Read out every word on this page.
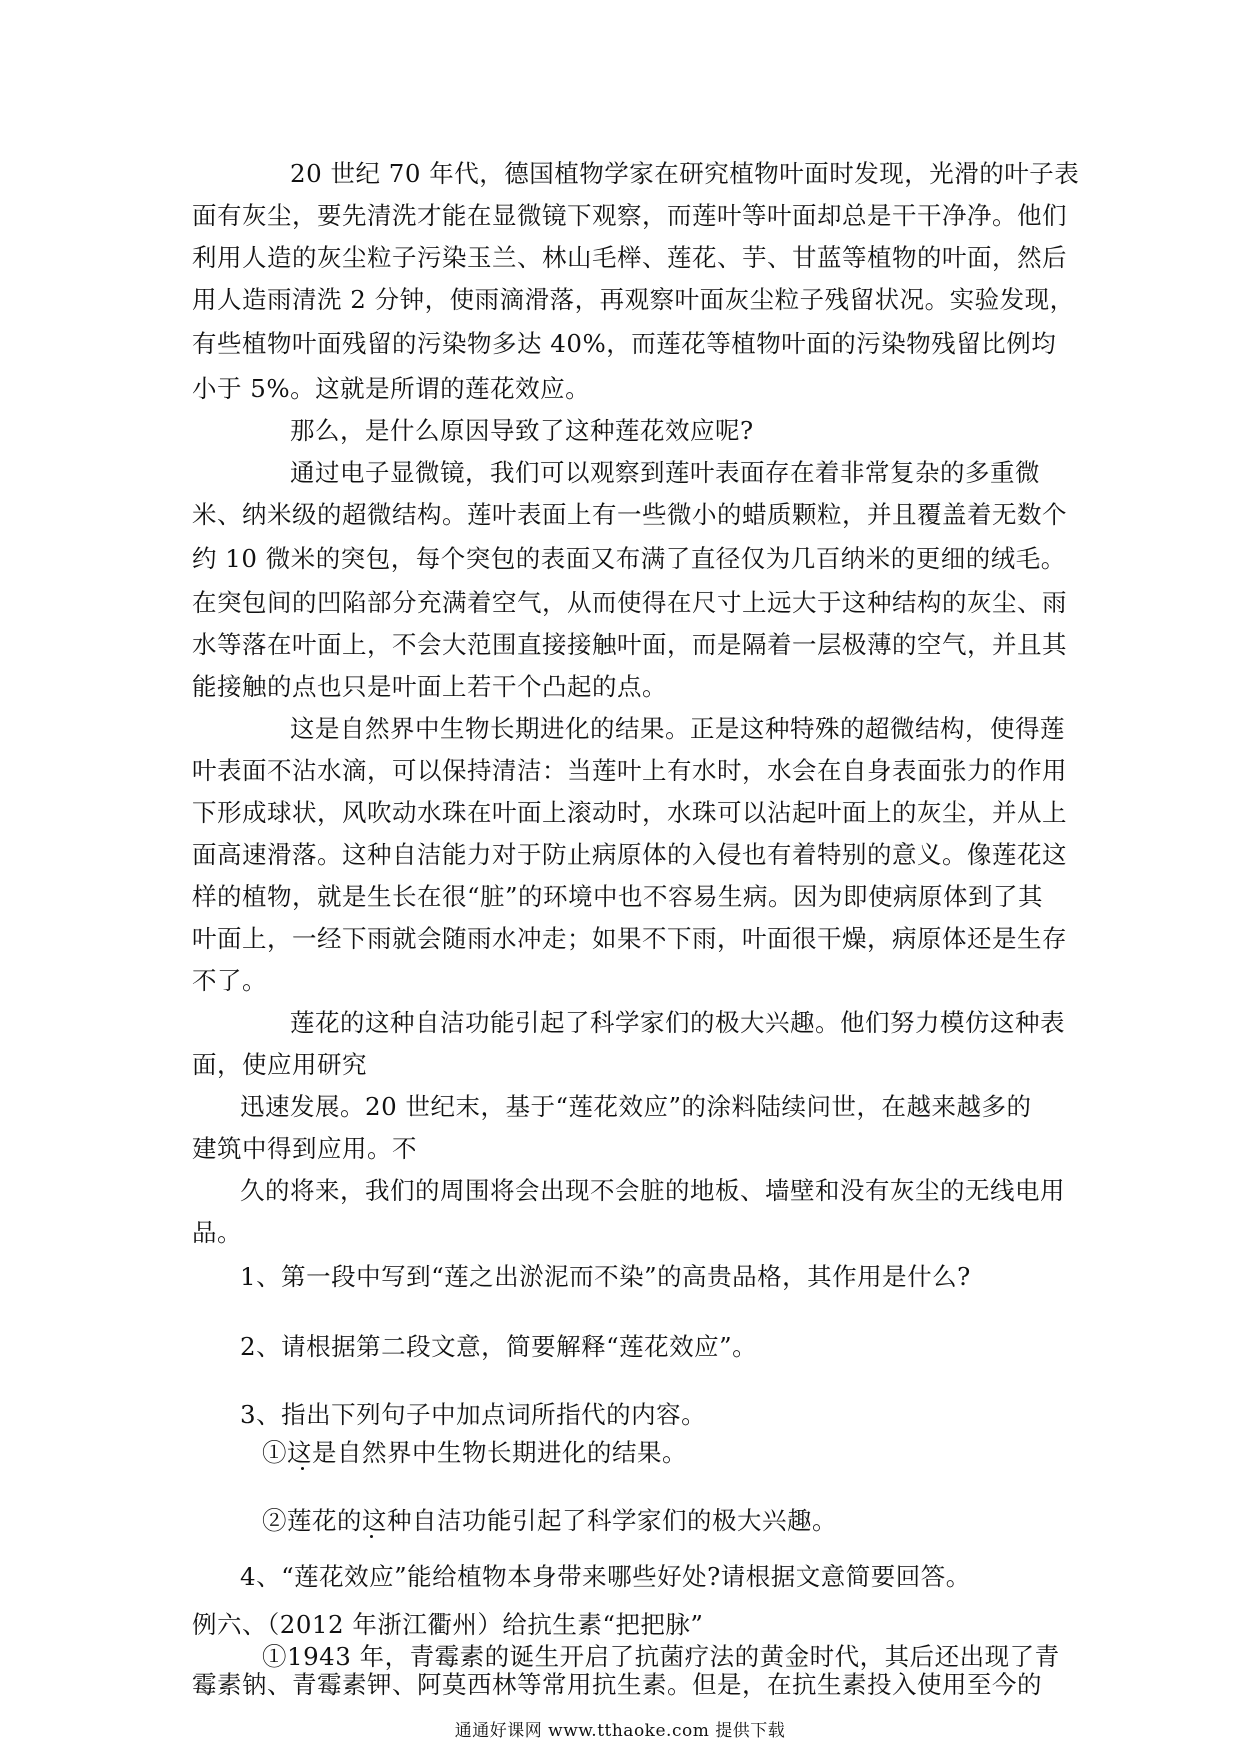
20 世纪 70 年代，德国植物学家在研究植物叶面时发现，光滑的叶子表
面有灰尘，要先清洗才能在显微镜下观察，而莲叶等叶面却总是干干净净。他们
利用人造的灰尘粒子污染玉兰、林山毛榉、莲花、芋、甘蓝等植物的叶面，然后
用人造雨清洗 2 分钟，使雨滴滑落，再观察叶面灰尘粒子残留状况。实验发现，
有些植物叶面残留的污染物多达 40%，而莲花等植物叶面的污染物残留比例均
小于 5%。这就是所谓的莲花效应。
那么，是什么原因导致了这种莲花效应呢?
通过电子显微镜，我们可以观察到莲叶表面存在着非常复杂的多重微
米、纳米级的超微结构。莲叶表面上有一些微小的蜡质颗粒，并且覆盖着无数个
约 10 微米的突包，每个突包的表面又布满了直径仅为几百纳米的更细的绒毛。
在突包间的凹陷部分充满着空气，从而使得在尺寸上远大于这种结构的灰尘、雨
水等落在叶面上，不会大范围直接接触叶面，而是隔着一层极薄的空气，并且其
能接触的点也只是叶面上若干个凸起的点。
这是自然界中生物长期进化的结果。正是这种特殊的超微结构，使得莲
叶表面不沾水滴，可以保持清洁：当莲叶上有水时，水会在自身表面张力的作用
下形成球状，风吹动水珠在叶面上滚动时，水珠可以沾起叶面上的灰尘，并从上
面高速滑落。这种自洁能力对于防止病原体的入侵也有着特别的意义。像莲花这
样的植物，就是生长在很“脏”的环境中也不容易生病。因为即使病原体到了其
叶面上，一经下雨就会随雨水冲走；如果不下雨，叶面很干燥，病原体还是生存
不了。
莲花的这种自洁功能引起了科学家们的极大兴趣。他们努力模仿这种表
面，使应用研究
迅速发展。20 世纪末，基于“莲花效应”的涂料陆续问世，在越来越多的
建筑中得到应用。不
久的将来，我们的周围将会出现不会脏的地板、墙壁和没有灰尘的无线电用
品。
1、第一段中写到“莲之出淤泥而不染”的高贵品格，其作用是什么?
2、请根据第二段文意，简要解释“莲花效应”。
3、指出下列句子中加点词所指代的内容。
①这是自然界中生物长期进化的结果。
②莲花的这种自洁功能引起了科学家们的极大兴趣。
4、“莲花效应”能给植物本身带来哪些好处?请根据文意简要回答。
例六、（2012 年浙江衢州）给抗生素“把把脉”
①1943 年，青霉素的诞生开启了抗菌疗法的黄金时代，其后还出现了青
霉素钠、青霉素钾、阿莫西林等常用抗生素。但是，在抗生素投入使用至今的
通通好课网 www.tthaoke.com 提供下载
